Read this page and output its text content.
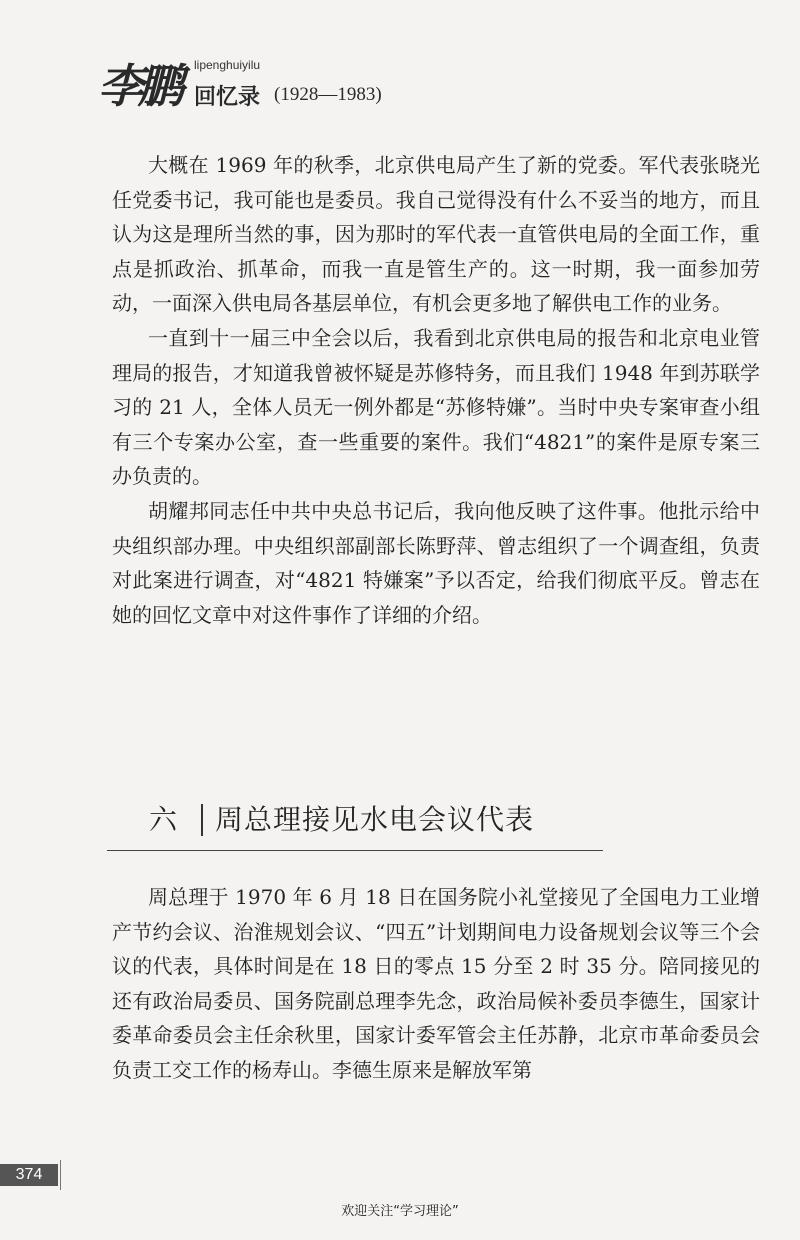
李鹏 lipenghuiyilu
回忆录 (1928—1983)

大概在 1969 年的秋季，北京供电局产生了新的党委。军代表张晓光任党委书记，我可能也是委员。我自己觉得没有什么不妥当的地方，而且认为这是理所当然的事，因为那时的军代表一直管供电局的全面工作，重点是抓政治、抓革命，而我一直是管生产的。这一时期，我一面参加劳动，一面深入供电局各基层单位，有机会更多地了解供电工作的业务。

一直到十一届三中全会以后，我看到北京供电局的报告和北京电业管理局的报告，才知道我曾被怀疑是苏修特务，而且我们 1948 年到苏联学习的 21 人，全体人员无一例外都是“苏修特嫌”。当时中央专案审查小组有三个专案办公室，查一些重要的案件。我们“4821”的案件是原专案三办负责的。

胡耀邦同志任中共中央总书记后，我向他反映了这件事。他批示给中央组织部办理。中央组织部副部长陈野萍、曾志组织了一个调查组，负责对此案进行调查，对“4821 特嫌案”予以否定，给我们彻底平反。曾志在她的回忆文章中对这件事作了详细的介绍。

六 周总理接见水电会议代表

周总理于 1970 年 6 月 18 日在国务院小礼堂接见了全国电力工业增产节约会议、治淮规划会议、“四五”计划期间电力设备规划会议等三个会议的代表，具体时间是在 18 日的零点 15 分至 2 时 35 分。陪同接见的还有政治局委员、国务院副总理李先念，政治局候补委员李德生，国家计委革命委员会主任余秋里，国家计委军管会主任苏静，北京市革命委员会负责工交工作的杨寿山。李德生原来是解放军第

374
欢迎关注“学习理论”
